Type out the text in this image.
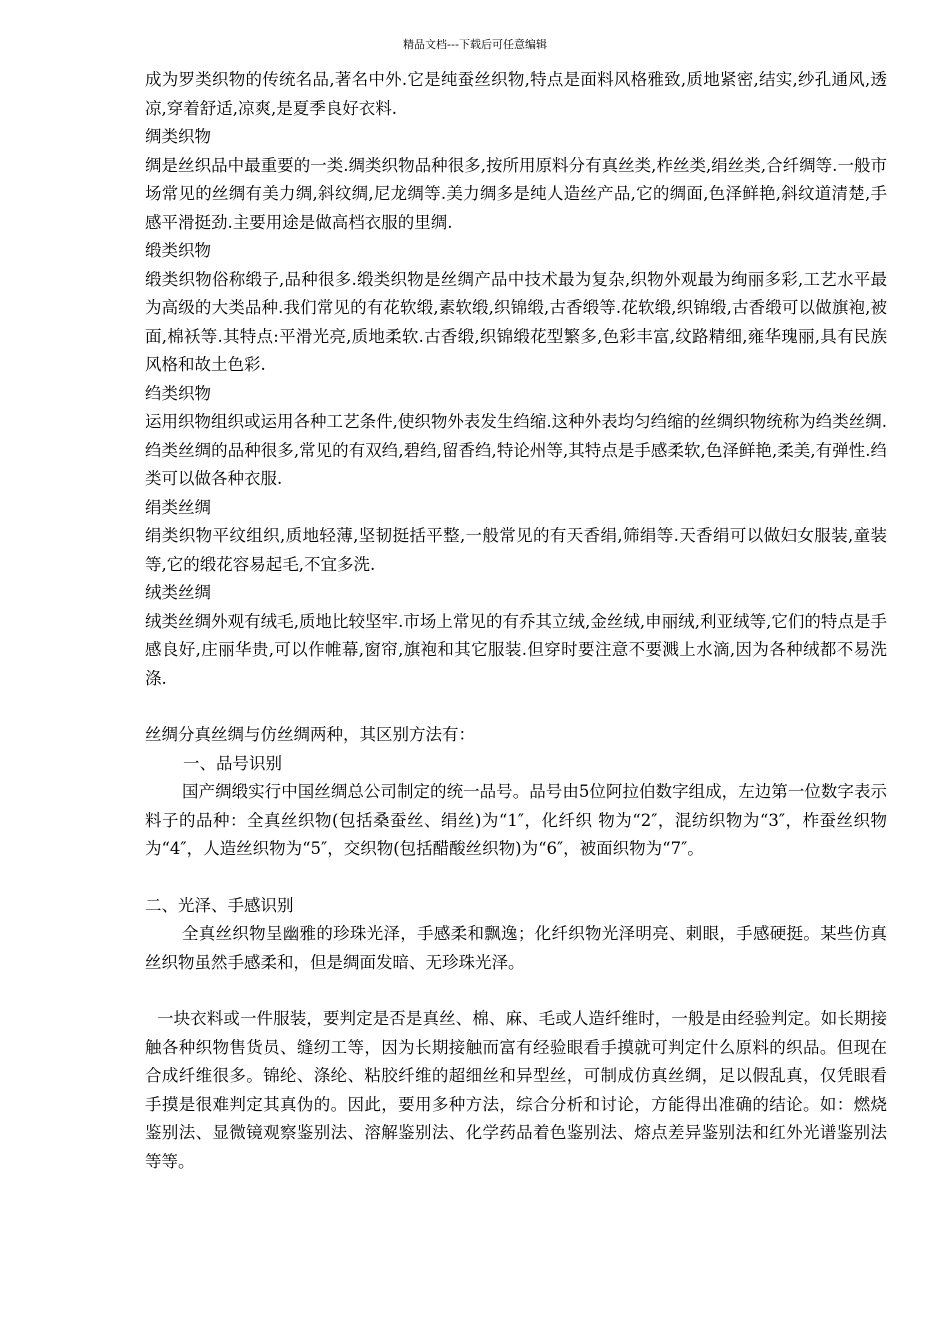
精品文档---下载后可任意编辑

成为罗类织物的传统名品,著名中外.它是纯蚕丝织物,特点是面料风格雅致,质地紧密,结实,纱孔通风,透凉,穿着舒适,凉爽,是夏季良好衣料.

绸类织物

绸是丝织品中最重要的一类.绸类织物品种很多,按所用原料分有真丝类,柞丝类,绢丝类,合纤绸等.一般市场常见的丝绸有美力绸,斜纹绸,尼龙绸等.美力绸多是纯人造丝产品,它的绸面,色泽鲜艳,斜纹道清楚,手感平滑挺劲.主要用途是做高档衣服的里绸.

缎类织物

缎类织物俗称缎子,品种很多.缎类织物是丝绸产品中技术最为复杂,织物外观最为绚丽多彩,工艺水平最为高级的大类品种.我们常见的有花软缎,素软缎,织锦缎,古香缎等.花软缎,织锦缎,古香缎可以做旗袍,被面,棉袄等.其特点:平滑光亮,质地柔软.古香缎,织锦缎花型繁多,色彩丰富,纹路精细,雍华瑰丽,具有民族风格和故土色彩.

绉类织物

运用织物组织或运用各种工艺条件,使织物外表发生绉缩.这种外表均匀绉缩的丝绸织物统称为绉类丝绸.绉类丝绸的品种很多,常见的有双绉,碧绉,留香绉,特论州等,其特点是手感柔软,色泽鲜艳,柔美,有弹性.绉类可以做各种衣服.

绢类丝绸

绢类织物平纹组织,质地轻薄,坚韧挺括平整,一般常见的有天香绢,筛绢等.天香绢可以做妇女服装,童装等,它的缎花容易起毛,不宜多洗.

绒类丝绸

绒类丝绸外观有绒毛,质地比较坚牢.市场上常见的有乔其立绒,金丝绒,申丽绒,利亚绒等,它们的特点是手感良好,庄丽华贵,可以作帷幕,窗帘,旗袍和其它服装.但穿时要注意不要溅上水滴,因为各种绒都不易洗涤.

丝绸分真丝绸与仿丝绸两种，其区别方法有：

一、品号识别

国产绸缎实行中国丝绸总公司制定的统一品号。品号由5位阿拉伯数字组成，左边第一位数字表示料子的品种：全真丝织物(包括桑蚕丝、绢丝)为“1″，化纤织 物为“2″，混纺织物为“3″，柞蚕丝织物为“4″，人造丝织物为“5″，交织物(包括醋酸丝织物)为“6″，被面织物为“7″。

二、光泽、手感识别

全真丝织物呈幽雅的珍珠光泽，手感柔和飘逸；化纤织物光泽明亮、刺眼，手感硬挺。某些仿真丝织物虽然手感柔和，但是绸面发暗、无珍珠光泽。

一块衣料或一件服装，要判定是否是真丝、棉、麻、毛或人造纤维时，一般是由经验判定。如长期接触各种织物售货员、缝纫工等，因为长期接触而富有经验眼看手摸就可判定什么原料的织品。但现在合成纤维很多。锦纶、涤纶、粘胶纤维的超细丝和异型丝，可制成仿真丝绸，足以假乱真，仅凭眼看手摸是很难判定其真伪的。因此，要用多种方法，综合分析和讨论，方能得出准确的结论。如：燃烧鉴别法、显微镜观察鉴别法、溶解鉴别法、化学药品着色鉴别法、熔点差异鉴别法和红外光谱鉴别法等等。
